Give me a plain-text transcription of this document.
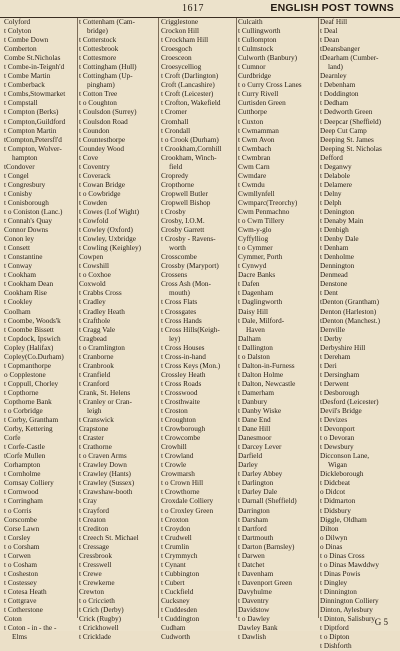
1617	ENGLISH POST TOWNS
Colyford
t Colyton
t Combe Down
Comberton
Combe St.Nicholas
t Combe-in-Teignh'd
t Combe Martin
t Comberback
t Combs,Stowmarket
t Compstall
t Compton (Berks)
t Compton,Guildford
t Compton Martin
tCompton,Petersfl'd
t Compton, Wolver-
hampton
tCondover
t Congel
t Congresbury
t Conisby
t Conisborough
t o Coniston (Lanc.)
t Connah's Quay
Connor Downs
Conon ley
t Consett
t Constantine
t Conway
t Cookham
t Cookham Dean
Cookham Rise
t Cookley
Coolham
t Coombe, Woods'k
t Coombe Bissett
t Copdock, Ipswich
Copley (Halifax)
Copley(Co.Durham)
t Copmanthorpe
o Copplestone
t Coppull, Chorley
t Copthorne
Copthorne Bank
t o Corbridge
t Corby, Grantham
Corby, Kettering
Corfe
t Corfe-Castle
tCorfe Mullen
Corhampton
t Cornholme
Cornsay Colliery
t Cornwood
t Corringham
t o Corris
Corscombe
Corse Lawn
t Corsley
t o Corsham
t Corwen
t o Cosham
t Cosheston
t Costessey
t Cotesa Heath
t Cottgrave
t Cotherstone
Coton
t Coton - in - the -
Elms
t Cottenham (Cam-
bridge)
t Cotterstock
t Cottesbrook
t Cottesmore
t Cottingham (Hull)
t Cottingham (Up-
pingham)
t Cotton Tree
t o Coughton
t Coulsdon (Surrey)
t Coulsdon Road
t Coundon
t Countesthorpe
Coundey Wood
t Cove
t Coventry
t Coverack
t Cowan Bridge
t o Cowbridge
t Cowden
t Cowes (I.of Wight)
t Cowfold
t Cowley (Oxford)
t Cowley, Uxbridge
t Cowling (Keighley)
Cowpen
t Cowshill
t o Coxhoe
Coxwold
t Crabbs Cross
t Cradley
t Cradley Heath
t Crafthole
t Cragg Vale
Cragbead
t o Cramlington
t Cranborne
t Cranbrook
t Cranfield
t Cranford
Crank, St. Helens
t Cranley or Cran-
leigh
t Cranswick
Crapstone
t Craster
t Crathorne
t o Craven Arms
t Crawley Down
t Crawley (Hants)
t Crawley (Sussex)
t Crawshaw-booth
t Cray
t Crayford
t Creaton
t Crediton
t Creech St. Michael
t Cressage
Cressbrook
t Cresswell
t Crewe
t Crewkerne
Crewton
t o Criccieth
t Crich (Derby)
Crick (Rugby)
t Crickhowell
t Cricklade
Crigglestone
Crockon Hill
t Crockham Hill
Croesgoch
Croesceon
Croesycelliog
t Croft (Darlington)
Croft (Lancashire)
t Croft (Leicester)
t Crofton, Wakefield
t Cromer
Cromhall
t Crondall
t o Crook (Durham)
t Crookham,Cornhill
Crookham, Winch-
field
Cropredy
Cropthorne
Cropwell Butler
Cropwell Bishop
t Crosby
Crosby, I.O.M.
Crosby Garrett
t Crosby - Ravens-
worth
Crosscombe
Crossby (Maryport)
Crossens
Cross Ash (Mon-
mouth)
t Cross Flats
t Crossgates
t Cross Hands
t Cross Hills(Keigh-
ley)
t Cross Houses
t Cross-in-hand
t Cross Keys (Mon.)
Crossley Heath
t Cross Roads
t Crosswood
t Crosthwaite
t Croston
t Croughton
t Crowborough
t Crowcombe
Crowhill
t Crowland
t Crowle
Crowmarsh
t o Crown Hill
t Crowthorne
Croxdale Colliery
t o Croxley Green
t Croxton
t Croydon
t Crudwell
t Crumlin
t Crymmych
t Cynant
t Cubbington
t Cubert
t Cuckfield
Cucksney
t Cuddesden
t Cuddington
Cudham
Cudworth
Culcaith
t Cullingworth
t Cullompton
t Culmstock
Culworth (Banbury)
t Cumnor
Curdbridge
t o Curry Cross Lanes
t Curry Rivell
Curtisden Green
Cutthorpe
t Cuxton
t Cwmamman
t Cwm Avon
t Cwmbach
t Cwmbran
Cwm Carn
Cwmdare
t Cwmdu
Cwmllynfell
Cwmparc(Treorchy)
Cwm Penmachno
t o Cwm Tillery
Cwm-y-glo
Cyffylliog
t o Cymmer
Cymmer, Porth
t Cynwyd
Dacre Banks
t Dafen
t Dagenham
t Daglingworth
Daisy Hill
t Dale, Milford-
Haven
Dalham
t Dallington
t o Dalston
t Dalton-in-Furness
t Dalton Holme
t Dalton, Newcastle
t Damerham
t Danbury
t Danby Wiske
t Dane End
t Dane Hill
Danesmoor
t Darcey Lever
Darfield
Darley
t Darley Abbey
t Darlington
t Darley Dale
t Darnall (Sheffield)
Darrington
t Darsham
t Dartford
t Dartmouth
t Darton (Barnsley)
t Darwen
t Datchet
t Davenham
t Davenport Green
Davyhulme
t Daventry
Davidstow
t o Dawley
Dawley Bank
t Dawlish
Deaf Hill
t Deal
t Dean
tDeansbanger
tDearham (Cumber-
land)
Dearnley
t Debenham
t Doddington
t Dedham
t Dedworth Green
t Deepcar (Sheffield)
Deep Cut Camp
Deeping St. James
Deeping St. Nicholas
Defford
t Deganwy
t Delabole
t Delamere
t Delny
t Delph
t Denington
t Denaby Main
t Denbigh
t Denby Dale
t Denham
t Denholme
Dennington
Denmead
Denstone
t Dent
tDenton (Grantham)
Denton (Harleston)
tDenton (Manchest.)
Denville
t Derby
Derbyshire Hill
t Dereham
t Deri
t Dersingham
t Derwent
t Desborough
tDesford (Leicester)
Devil's Bridge
t Devizes
t Devonport
t o Devoran
t Dewsbury
Dicconson Lane,
Wigan
Dickleborough
t Didcbeat
o Didcot
t Didmarton
t Didsbury
Diggle, Oldham
Dilton
o Dilwyn
o Dinas
t o Dinas Cross
t o Dinas Mawddwy
t Dinas Powis
t Dingley
t Dinnington
Dinnington Colliery
Dinton, Aylesbury
t Dinton, Salisbury
t Diptford
t o Dipton
t Dishforth
G 5
